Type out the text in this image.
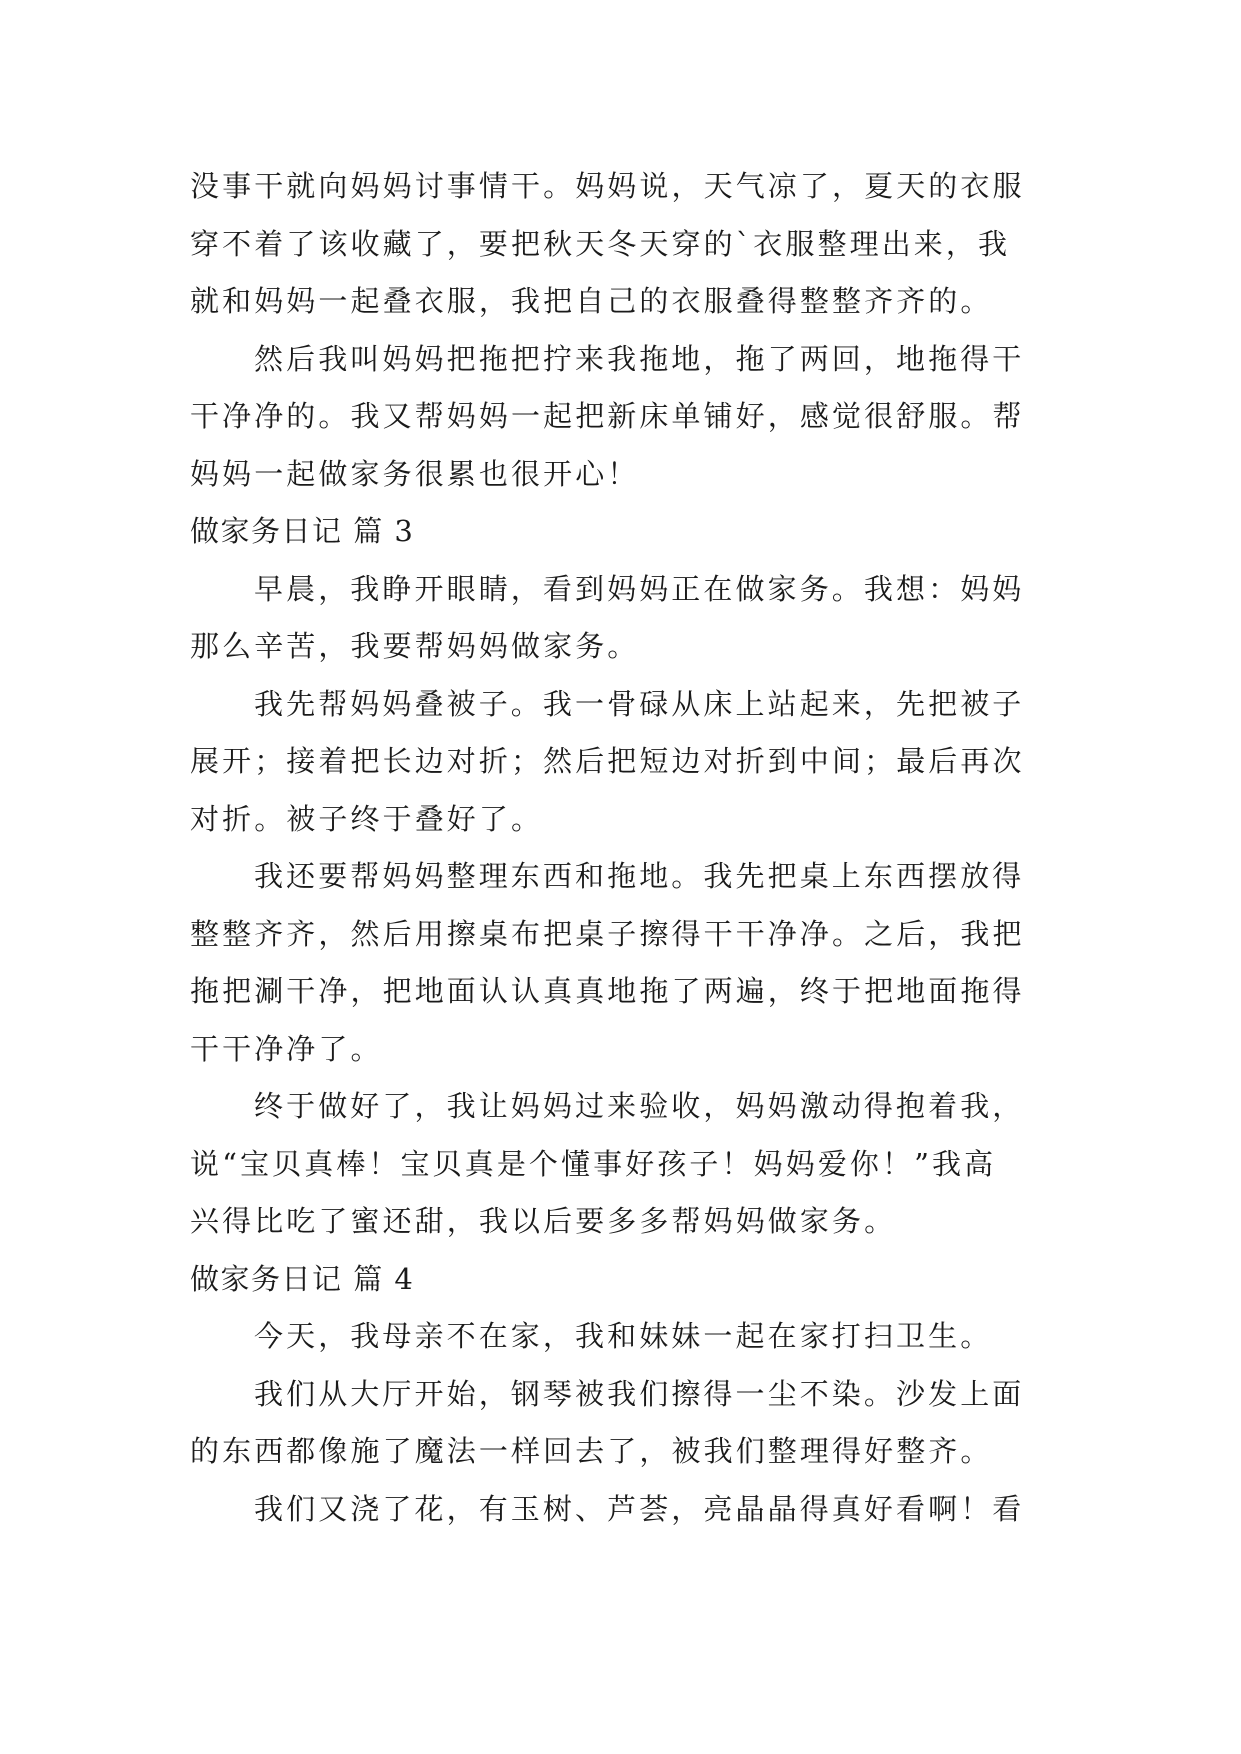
没事干就向妈妈讨事情干。妈妈说，天气凉了，夏天的衣服
穿不着了该收藏了，要把秋天冬天穿的`衣服整理出来，我
就和妈妈一起叠衣服，我把自己的衣服叠得整整齐齐的。
然后我叫妈妈把拖把拧来我拖地，拖了两回，地拖得干
干净净的。我又帮妈妈一起把新床单铺好，感觉很舒服。帮
妈妈一起做家务很累也很开心！

做家务日记 篇 3

早晨，我睁开眼睛，看到妈妈正在做家务。我想：妈妈
那么辛苦，我要帮妈妈做家务。
我先帮妈妈叠被子。我一骨碌从床上站起来，先把被子
展开；接着把长边对折；然后把短边对折到中间；最后再次
对折。被子终于叠好了。
我还要帮妈妈整理东西和拖地。我先把桌上东西摆放得
整整齐齐，然后用擦桌布把桌子擦得干干净净。之后，我把
拖把涮干净，把地面认认真真地拖了两遍，终于把地面拖得
干干净净了。
终于做好了，我让妈妈过来验收，妈妈激动得抱着我，
说“宝贝真棒！宝贝真是个懂事好孩子！妈妈爱你！”我高
兴得比吃了蜜还甜，我以后要多多帮妈妈做家务。

做家务日记 篇 4

今天，我母亲不在家，我和妹妹一起在家打扫卫生。
我们从大厅开始，钢琴被我们擦得一尘不染。沙发上面
的东西都像施了魔法一样回去了，被我们整理得好整齐。
我们又浇了花，有玉树、芦荟，亮晶晶得真好看啊！看
